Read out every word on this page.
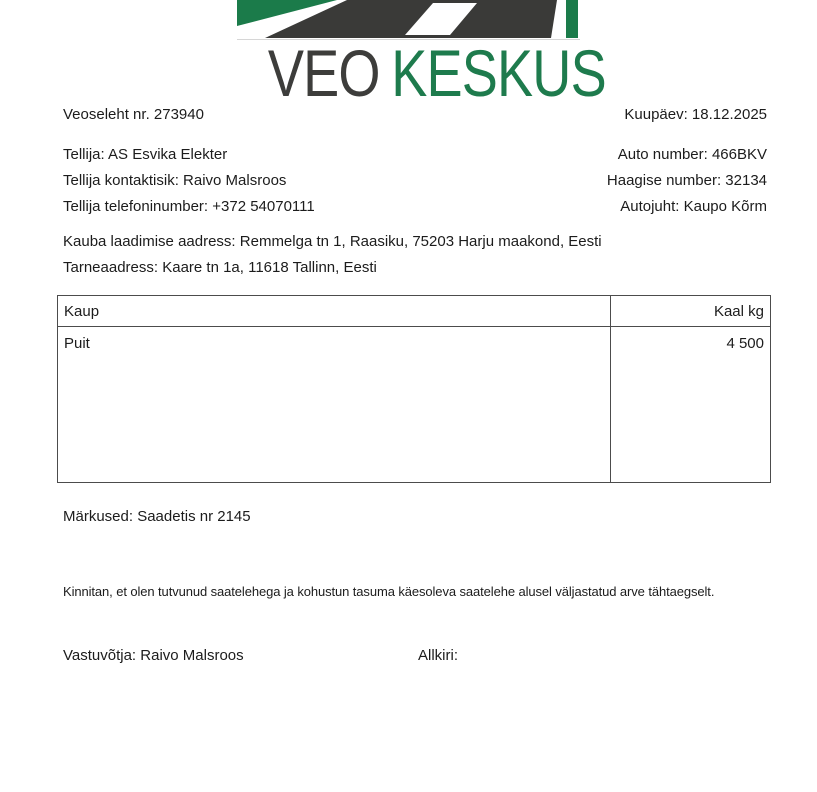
VEO KESKUS
Veoseleht nr. 273940	Kuupäev: 18.12.2025
Tellija: AS Esvika Elekter	Auto number: 466BKV
Tellija kontaktisik: Raivo Malsroos	Haagise number: 32134
Tellija telefoninumber: +372 54070111	Autojuht: Kaupo Kõrm
Kauba laadimise aadress: Remmelga tn 1, Raasiku, 75203 Harju maakond, Eesti
Tarneaadress: Kaare tn 1a, 11618 Tallinn, Eesti
Kaup	Kaal kg
Puit	4 500
Märkused: Saadetis nr 2145
Kinnitan, et olen tutvunud saatelehega ja kohustun tasuma käesoleva saatelehe alusel väljastatud arve tähtaegselt.
Vastuvõtja: Raivo Malsroos	Allkiri:
